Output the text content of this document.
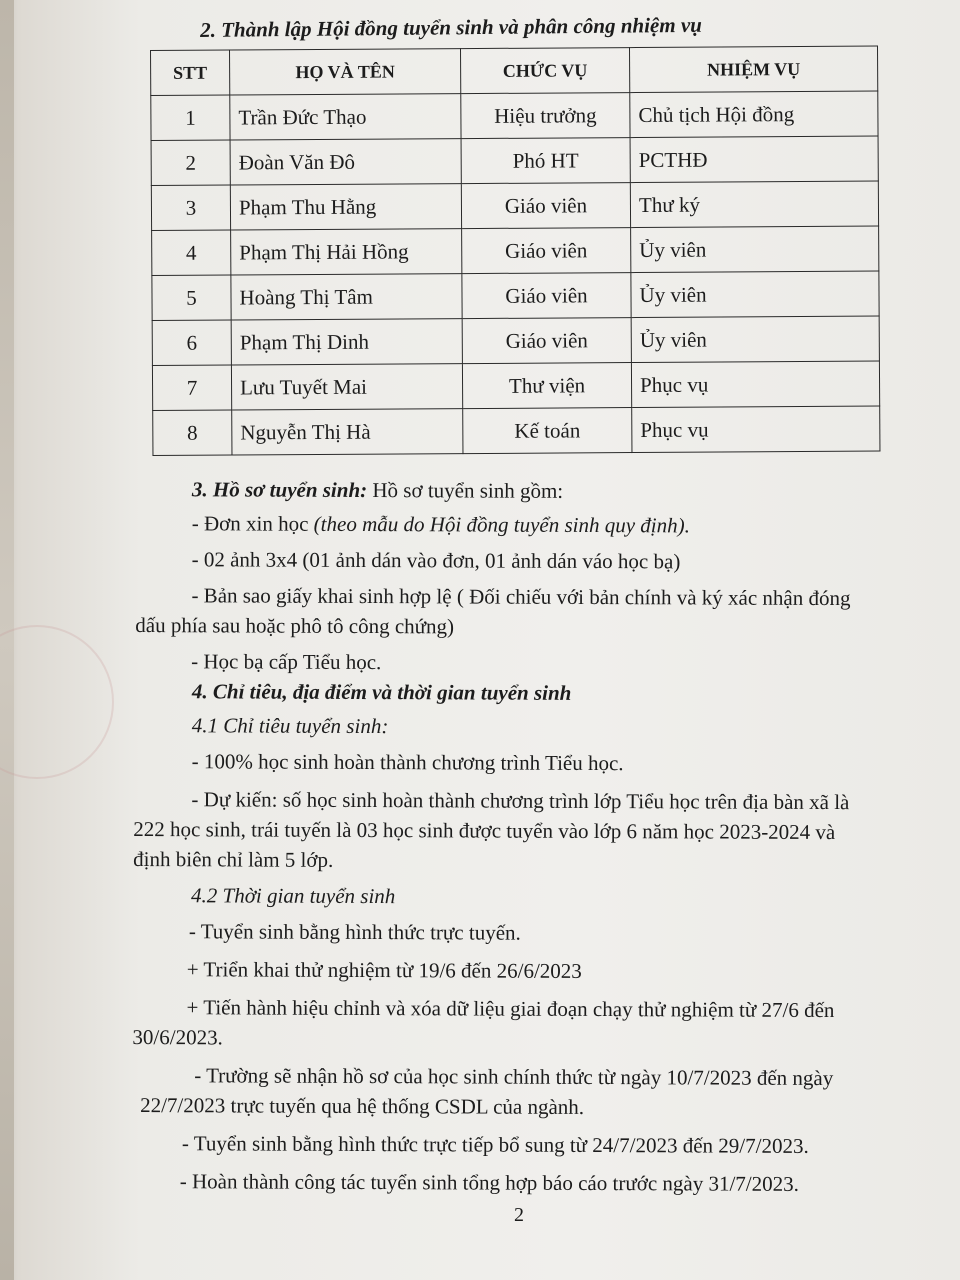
2. Thành lập Hội đồng tuyển sinh và phân công nhiệm vụ
STT	HỌ VÀ TÊN	CHỨC VỤ	NHIỆM VỤ
1	Trần Đức Thạo	Hiệu trưởng	Chủ tịch Hội đồng
2	Đoàn Văn Đô	Phó HT	PCTHĐ
3	Phạm Thu Hằng	Giáo viên	Thư ký
4	Phạm Thị Hải Hồng	Giáo viên	Ủy viên
5	Hoàng Thị Tâm	Giáo viên	Ủy viên
6	Phạm Thị Dinh	Giáo viên	Ủy viên
7	Lưu Tuyết Mai	Thư viện	Phục vụ
8	Nguyễn Thị Hà	Kế toán	Phục vụ
3. Hồ sơ tuyển sinh: Hồ sơ tuyển sinh gồm:
- Đơn xin học (theo mẫu do Hội đồng tuyển sinh quy định).
- 02 ảnh 3x4 (01 ảnh dán vào đơn, 01 ảnh dán váo học bạ)
- Bản sao giấy khai sinh hợp lệ ( Đối chiếu với bản chính và ký xác nhận đóng
dấu phía sau hoặc phô tô công chứng)
- Học bạ cấp Tiểu học.
4. Chỉ tiêu, địa điểm và thời gian tuyển sinh
4.1 Chỉ tiêu tuyển sinh:
- 100% học sinh hoàn thành chương trình Tiểu học.
- Dự kiến: số học sinh hoàn thành chương trình lớp Tiểu học trên địa bàn xã là
222 học sinh, trái tuyến là 03 học sinh được tuyển vào lớp 6 năm học 2023-2024 và
định biên chỉ làm 5 lớp.
4.2 Thời gian tuyển sinh
- Tuyển sinh bằng hình thức trực tuyến.
+ Triển khai thử nghiệm từ 19/6 đến 26/6/2023
+ Tiến hành hiệu chỉnh và xóa dữ liệu giai đoạn chạy thử nghiệm từ 27/6 đến
30/6/2023.
- Trường sẽ nhận hồ sơ của học sinh chính thức từ ngày 10/7/2023 đến ngày
22/7/2023 trực tuyến qua hệ thống CSDL của ngành.
- Tuyển sinh bằng hình thức trực tiếp bổ sung từ 24/7/2023 đến 29/7/2023.
- Hoàn thành công tác tuyển sinh tổng hợp báo cáo trước ngày 31/7/2023.
2
